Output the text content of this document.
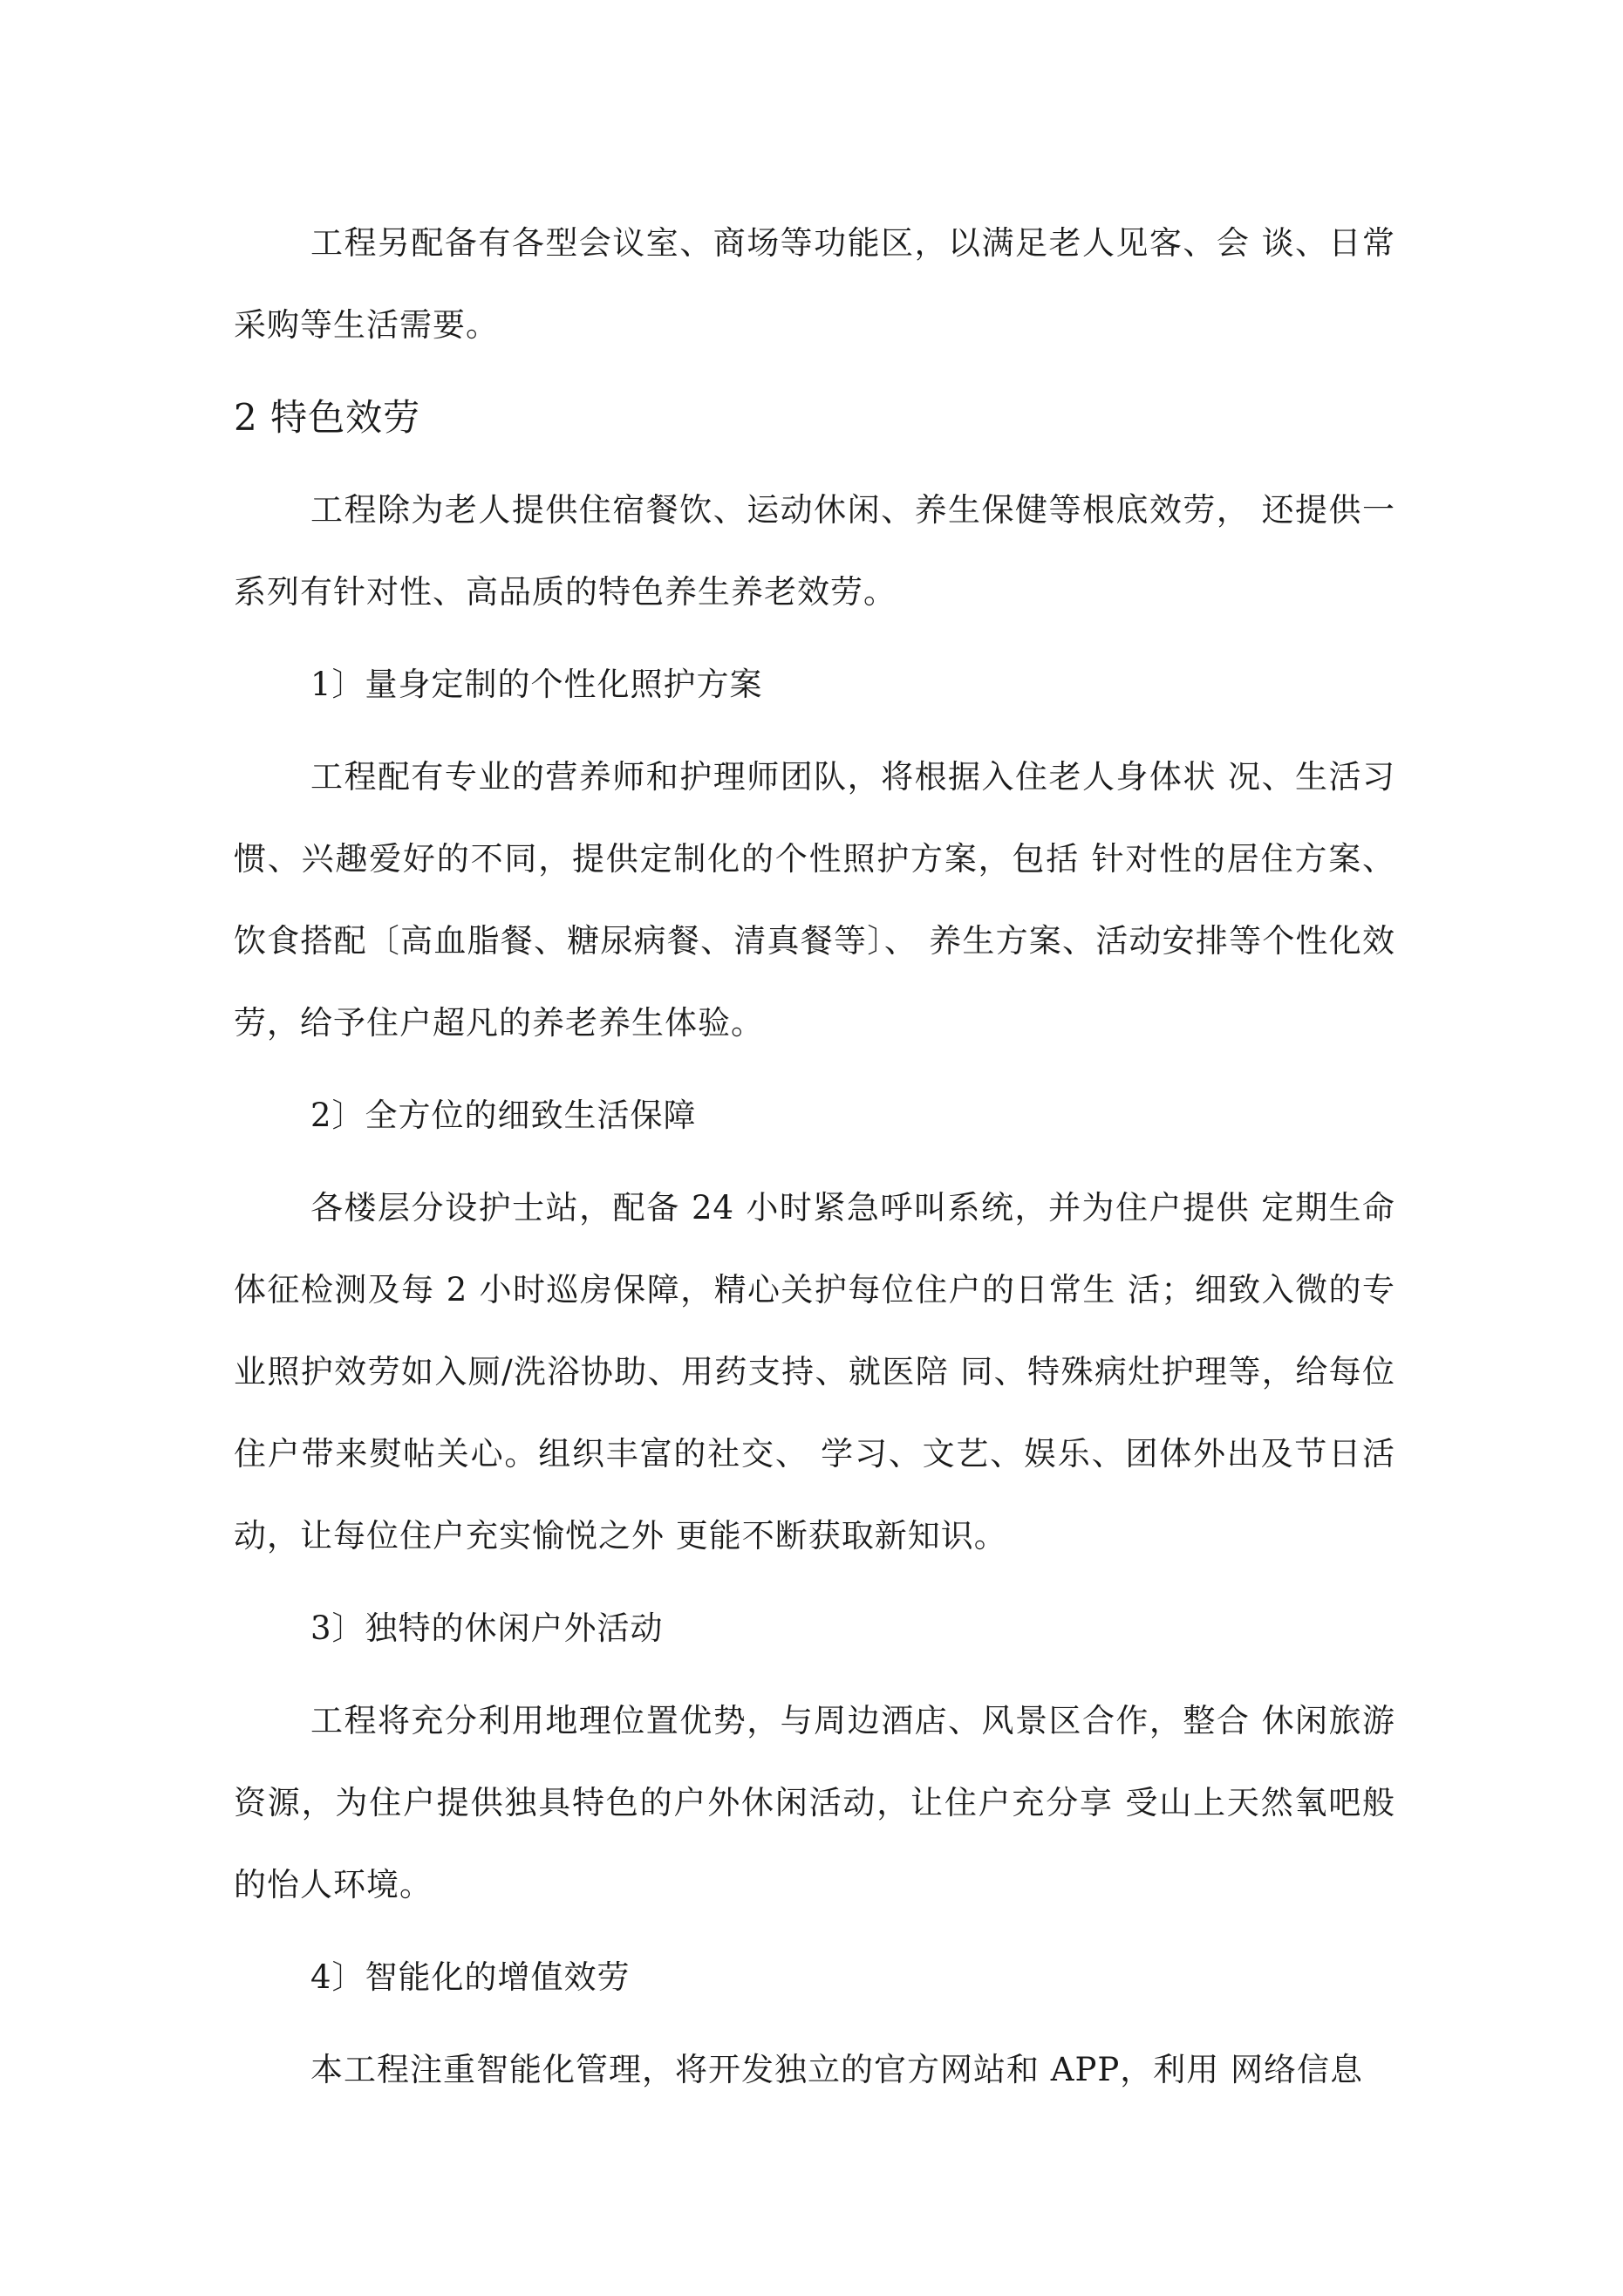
工程另配备有各型会议室、商场等功能区，以满足老人见客、会 谈、日常采购等生活需要。

2 特色效劳

工程除为老人提供住宿餐饮、运动休闲、养生保健等根底效劳， 还提供一系列有针对性、高品质的特色养生养老效劳。

1〕量身定制的个性化照护方案

工程配有专业的营养师和护理师团队，将根据入住老人身体状 况、生活习惯、兴趣爱好的不同，提供定制化的个性照护方案，包括 针对性的居住方案、饮食搭配〔高血脂餐、糖尿病餐、清真餐等〕、 养生方案、活动安排等个性化效劳，给予住户超凡的养老养生体验。

2〕全方位的细致生活保障

各楼层分设护士站，配备 24 小时紧急呼叫系统，并为住户提供 定期生命体征检测及每 2 小时巡房保障，精心关护每位住户的日常生 活；细致入微的专业照护效劳如入厕/洗浴协助、用药支持、就医陪 同、特殊病灶护理等，给每位住户带来熨帖关心。组织丰富的社交、 学习、文艺、娱乐、团体外出及节日活动，让每位住户充实愉悦之外 更能不断获取新知识。

3〕独特的休闲户外活动

工程将充分利用地理位置优势，与周边酒店、风景区合作，整合 休闲旅游资源，为住户提供独具特色的户外休闲活动，让住户充分享 受山上天然氧吧般的怡人环境。

4〕智能化的增值效劳

本工程注重智能化管理，将开发独立的官方网站和 APP，利用 网络信息
